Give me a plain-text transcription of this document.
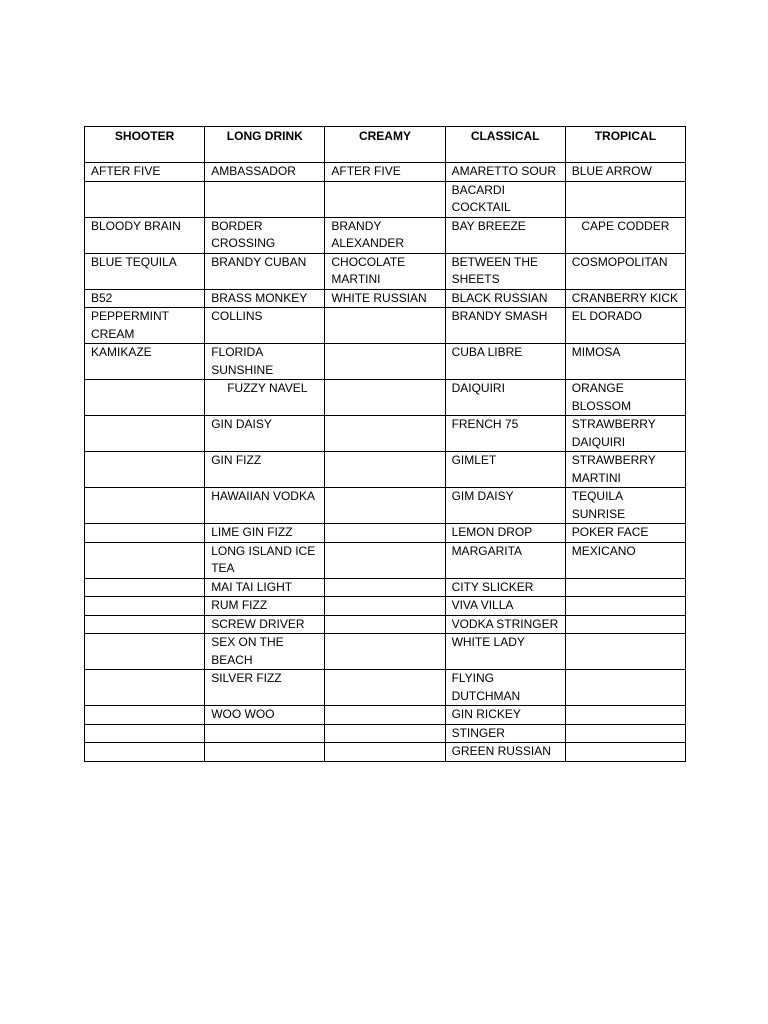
SHOOTER	LONG DRINK	CREAMY	CLASSICAL	TROPICAL
AFTER FIVE	AMBASSADOR	AFTER FIVE	AMARETTO SOUR	BLUE ARROW
			BACARDI COCKTAIL	
BLOODY BRAIN	BORDER CROSSING	BRANDY ALEXANDER	BAY BREEZE	CAPE CODDER
BLUE TEQUILA	BRANDY CUBAN	CHOCOLATE MARTINI	BETWEEN THE SHEETS	COSMOPOLITAN
B52	BRASS MONKEY	WHITE RUSSIAN	BLACK RUSSIAN	CRANBERRY KICK
PEPPERMINT CREAM	COLLINS		BRANDY SMASH	EL DORADO
KAMIKAZE	FLORIDA SUNSHINE		CUBA LIBRE	MIMOSA
	FUZZY NAVEL		DAIQUIRI	ORANGE BLOSSOM
	GIN DAISY		FRENCH 75	STRAWBERRY DAIQUIRI
	GIN FIZZ		GIMLET	STRAWBERRY MARTINI
	HAWAIIAN VODKA		GIM DAISY	TEQUILA SUNRISE
	LIME GIN FIZZ		LEMON DROP	POKER FACE
	LONG ISLAND ICE TEA		MARGARITA	MEXICANO
	MAI TAI LIGHT		CITY SLICKER	
	RUM FIZZ		VIVA VILLA	
	SCREW DRIVER		VODKA STRINGER	
	SEX ON THE BEACH		WHITE LADY	
	SILVER FIZZ		FLYING DUTCHMAN	
	WOO WOO		GIN RICKEY	
			STINGER	
			GREEN RUSSIAN	
